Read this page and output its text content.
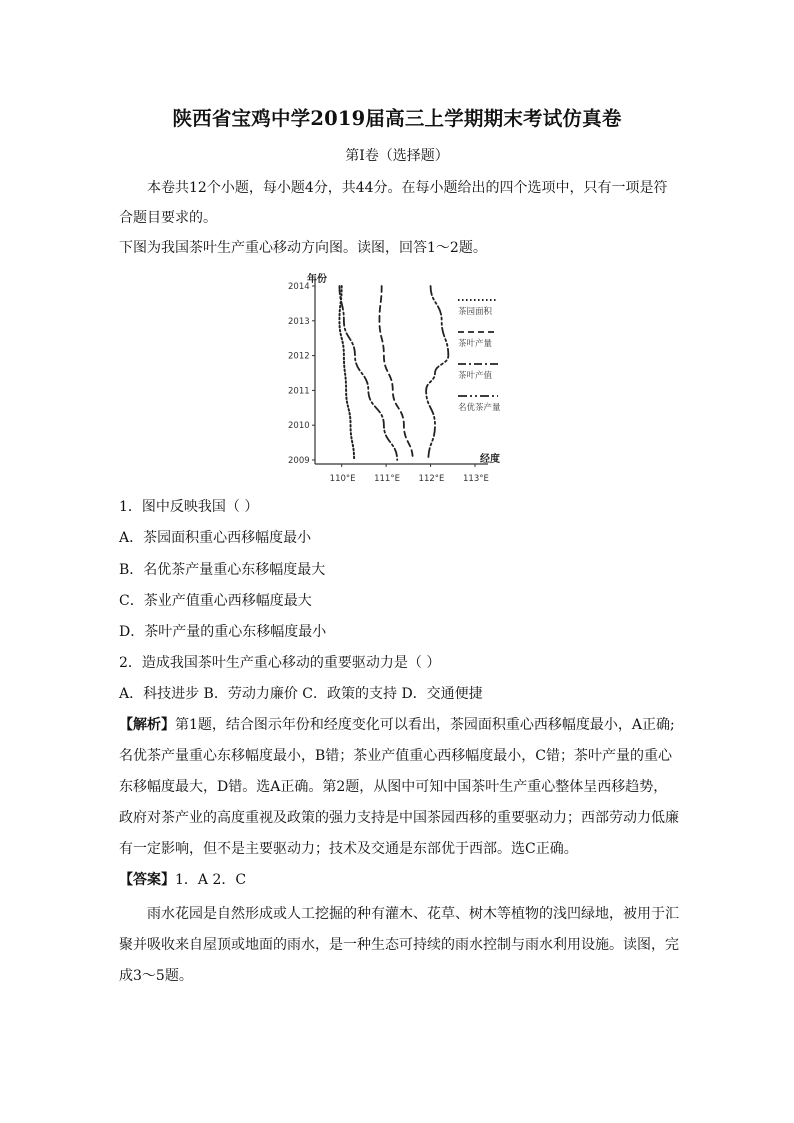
陕西省宝鸡中学2019届高三上学期期末考试仿真卷
第Ⅰ卷（选择题）
本卷共12个小题，每小题4分，共44分。在每小题给出的四个选项中，只有一项是符
合题目要求的。
下图为我国茶叶生产重心移动方向图。读图，回答1～2题。
年份
经度
2009
2010
2011
2012
2013
2014
110°E 111°E 112°E 113°E
茶园面积
茶叶产量
茶叶产值
名优茶产量
1．图中反映我国（ ）
A．茶园面积重心西移幅度最小
B．名优茶产量重心东移幅度最大
C．茶业产值重心西移幅度最大
D．茶叶产量的重心东移幅度最小
2．造成我国茶叶生产重心移动的重要驱动力是（ ）
A．科技进步 B．劳动力廉价 C．政策的支持 D．交通便捷
【解析】第1题，结合图示年份和经度变化可以看出，茶园面积重心西移幅度最小，A正确;
名优茶产量重心东移幅度最小，B错；茶业产值重心西移幅度最小，C错；茶叶产量的重心
东移幅度最大，D错。选A正确。第2题，从图中可知中国茶叶生产重心整体呈西移趋势，
政府对茶产业的高度重视及政策的强力支持是中国茶园西移的重要驱动力；西部劳动力低廉
有一定影响，但不是主要驱动力；技术及交通是东部优于西部。选C正确。
【答案】1．A 2．C
雨水花园是自然形成或人工挖掘的种有灌木、花草、树木等植物的浅凹绿地，被用于汇
聚并吸收来自屋顶或地面的雨水，是一种生态可持续的雨水控制与雨水利用设施。读图，完
成3～5题。
